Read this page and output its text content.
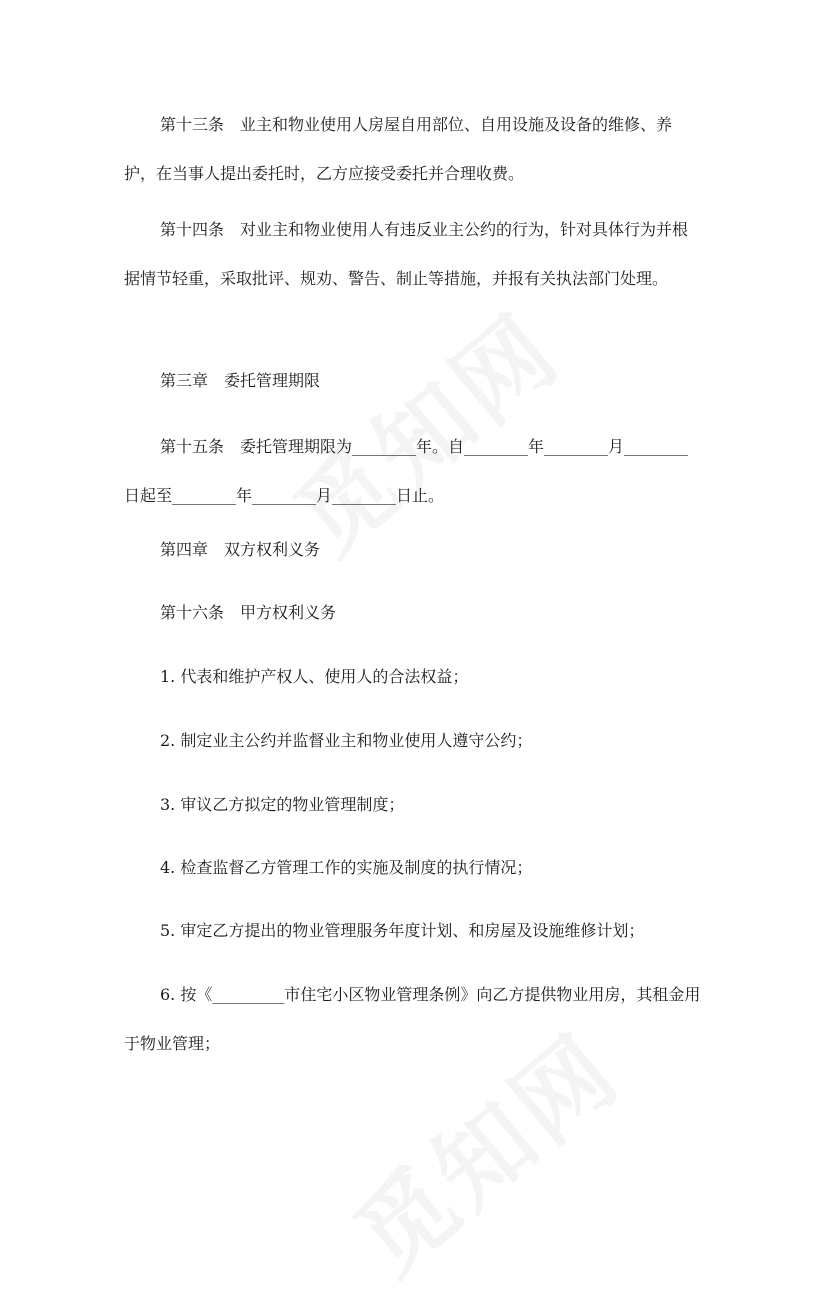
第十三条 业主和物业使用人房屋自用部位、自用设施及设备的维修、养护，在当事人提出委托时，乙方应接受委托并合理收费。

第十四条 对业主和物业使用人有违反业主公约的行为，针对具体行为并根据情节轻重，采取批评、规劝、警告、制止等措施，并报有关执法部门处理。

第三章 委托管理期限

第十五条 委托管理期限为________年。自________年________月________日起至________年________月________日止。

第四章 双方权利义务

第十六条 甲方权利义务

1. 代表和维护产权人、使用人的合法权益；

2. 制定业主公约并监督业主和物业使用人遵守公约；

3. 审议乙方拟定的物业管理制度；

4. 检查监督乙方管理工作的实施及制度的执行情况；

5. 审定乙方提出的物业管理服务年度计划、和房屋及设施维修计划；

6. 按《_________市住宅小区物业管理条例》向乙方提供物业用房，其租金用于物业管理；
